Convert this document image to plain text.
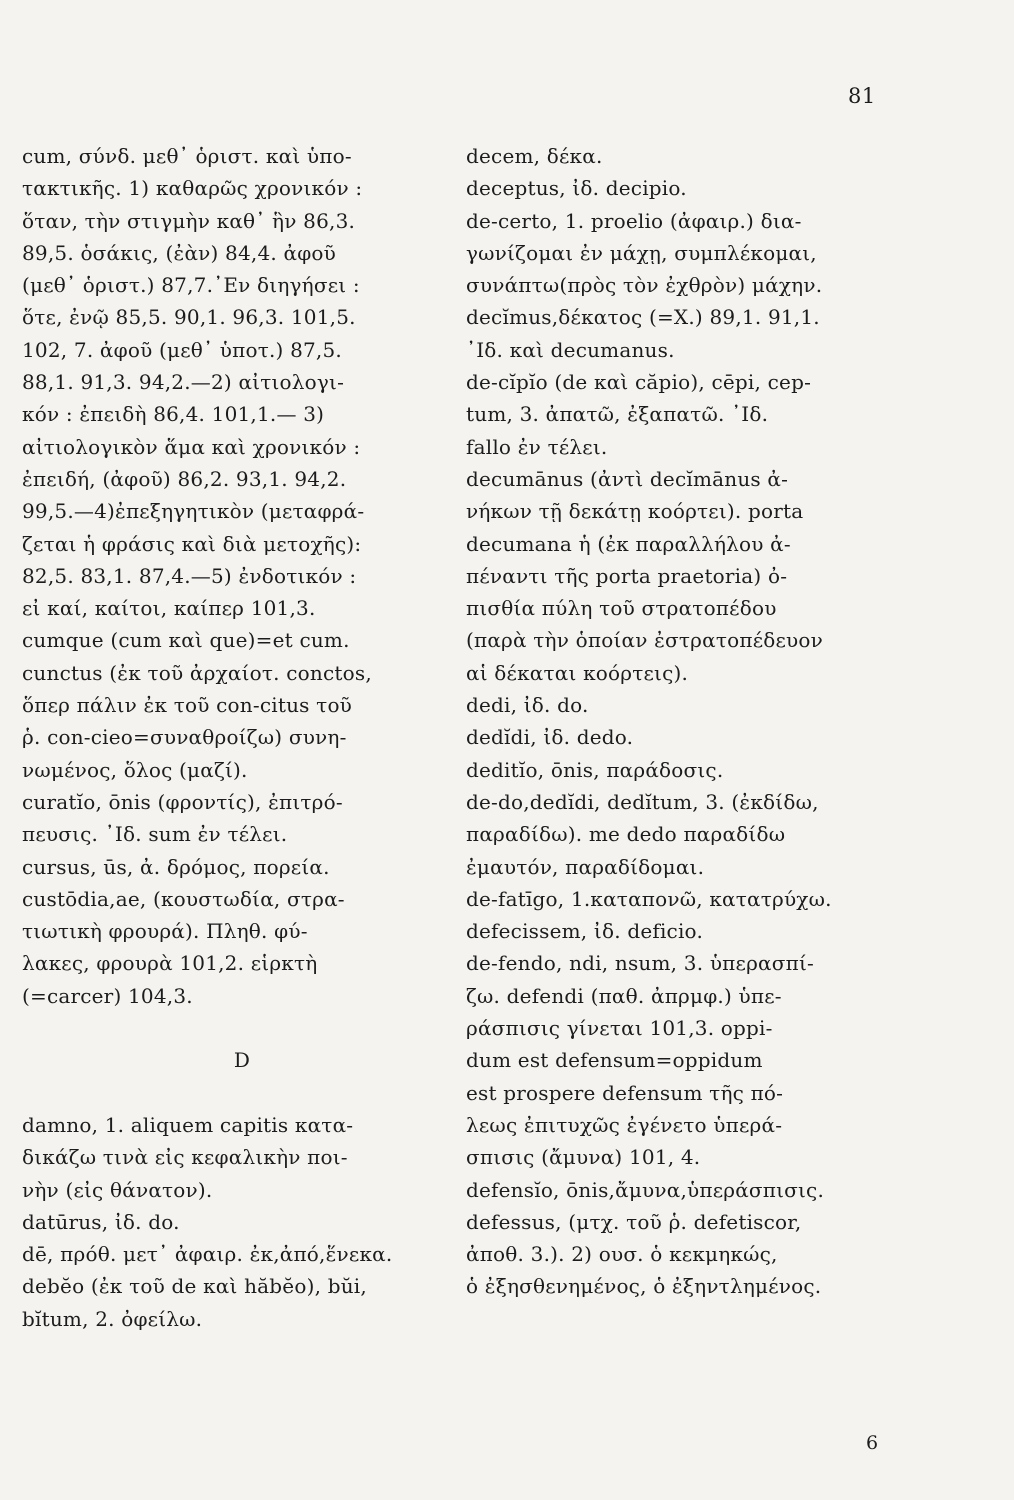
81
cum, σύνδ. μεθ᾽ ὁριστ. καὶ ὑπο-
τακτικῆς. 1) καθαρῶς χρονικόν :
ὅταν, τὴν στιγμὴν καθ᾽ ἣν 86,3.
89,5. ὁσάκις, (ἐὰν) 84,4. ἀφοῦ
(μεθ᾽ ὁριστ.) 87,7.᾽Εν διηγήσει :
ὅτε, ἐνῷ 85,5. 90,1. 96,3. 101,5.
102, 7. ἀφοῦ (μεθ᾽ ὑποτ.) 87,5.
88,1. 91,3. 94,2.—2) αἰτιολογι-
κόν : ἐπειδὴ 86,4. 101,1.— 3)
αἰτιολογικὸν ἅμα καὶ χρονικόν :
ἐπειδή, (ἀφοῦ) 86,2. 93,1. 94,2.
99,5.—4)ἐπεξηγητικὸν (μεταφρά-
ζεται ἡ φράσις καὶ διὰ μετοχῆς):
82,5. 83,1. 87,4.—5) ἐνδοτικόν :
εἰ καί, καίτοι, καίπερ 101,3.
cumque (cum καὶ que)=et cum.
cunctus (ἐκ τοῦ ἀρχαίοτ. conctos,
ὅπερ πάλιν ἐκ τοῦ con-citus τοῦ
ῥ. con-cieo=συναθροίζω) συνη-
νωμένος, ὅλος (μαζί).
curatĭo, ōnis (φροντίς), ἐπιτρό-
πευσις. ᾽Ιδ. sum ἐν τέλει.
cursus, ūs, ἀ. δρόμος, πορεία.
custōdia,ae, (κουστωδία, στρα-
τιωτικὴ φρουρά). Πληθ. φύ-
λακες, φρουρὰ 101,2. εἱρκτὴ
(=carcer) 104,3.
D
damno, 1. aliquem capitis κατα-
δικάζω τινὰ εἰς κεφαλικὴν ποι-
νὴν (εἰς θάνατον).
datūrus, ἰδ. do.
dē, πρόθ. μετ᾽ ἀφαιρ. ἐκ,ἀπό,ἕνεκα.
debĕo (ἐκ τοῦ de καὶ hăbĕo), bŭi,
bĭtum, 2. ὀφείλω.
decem, δέκα.
deceptus, ἰδ. decipio.
de-certo, 1. proelio (ἀφαιρ.) δια-
γωνίζομαι ἐν μάχῃ, συμπλέκομαι,
συνάπτω(πρὸς τὸν ἐχθρὸν) μάχην.
decĭmus,δέκατος (=X.) 89,1. 91,1.
᾽Ιδ. καὶ decumanus.
de-cĭpĭo (de καὶ căpio), cēpi, cep-
tum, 3. ἀπατῶ, ἐξαπατῶ. ᾽Ιδ.
fallo ἐν τέλει.
decumānus (ἀντὶ decĭmānus ἀ-
νήκων τῇ δεκάτῃ κοόρτει). porta
decumana ἡ (ἐκ παραλλήλου ἀ-
πέναντι τῆς porta praetoria) ὀ-
πισθία πύλη τοῦ στρατοπέδου
(παρὰ τὴν ὁποίαν ἐστρατοπέδευον
αἱ δέκαται κοόρτεις).
dedi, ἰδ. do.
dedĭdi, ἰδ. dedo.
deditĭo, ōnis, παράδοσις.
de-do,dedĭdi, dedĭtum, 3. (ἐκδίδω,
παραδίδω). me dedo παραδίδω
ἐμαυτόν, παραδίδομαι.
de-fatīgo, 1.καταπονῶ, κατατρύχω.
defecissem, ἰδ. deficio.
de-fendo, ndi, nsum, 3. ὑπερασπί-
ζω. defendi (παθ. ἀπρμφ.) ὑπε-
ράσπισις γίνεται 101,3. oppi-
dum est defensum=oppidum
est prospere defensum τῆς πό-
λεως ἐπιτυχῶς ἐγένετο ὑπερά-
σπισις (ἄμυνα) 101, 4.
defensĭo, ōnis,ἄμυνα,ὑπεράσπισις.
defessus, (μτχ. τοῦ ῥ. defetiscor,
ἀποθ. 3.). 2) ουσ. ὁ κεκμηκώς,
ὁ ἐξησθενημένος, ὁ ἐξηντλημένος.
6
